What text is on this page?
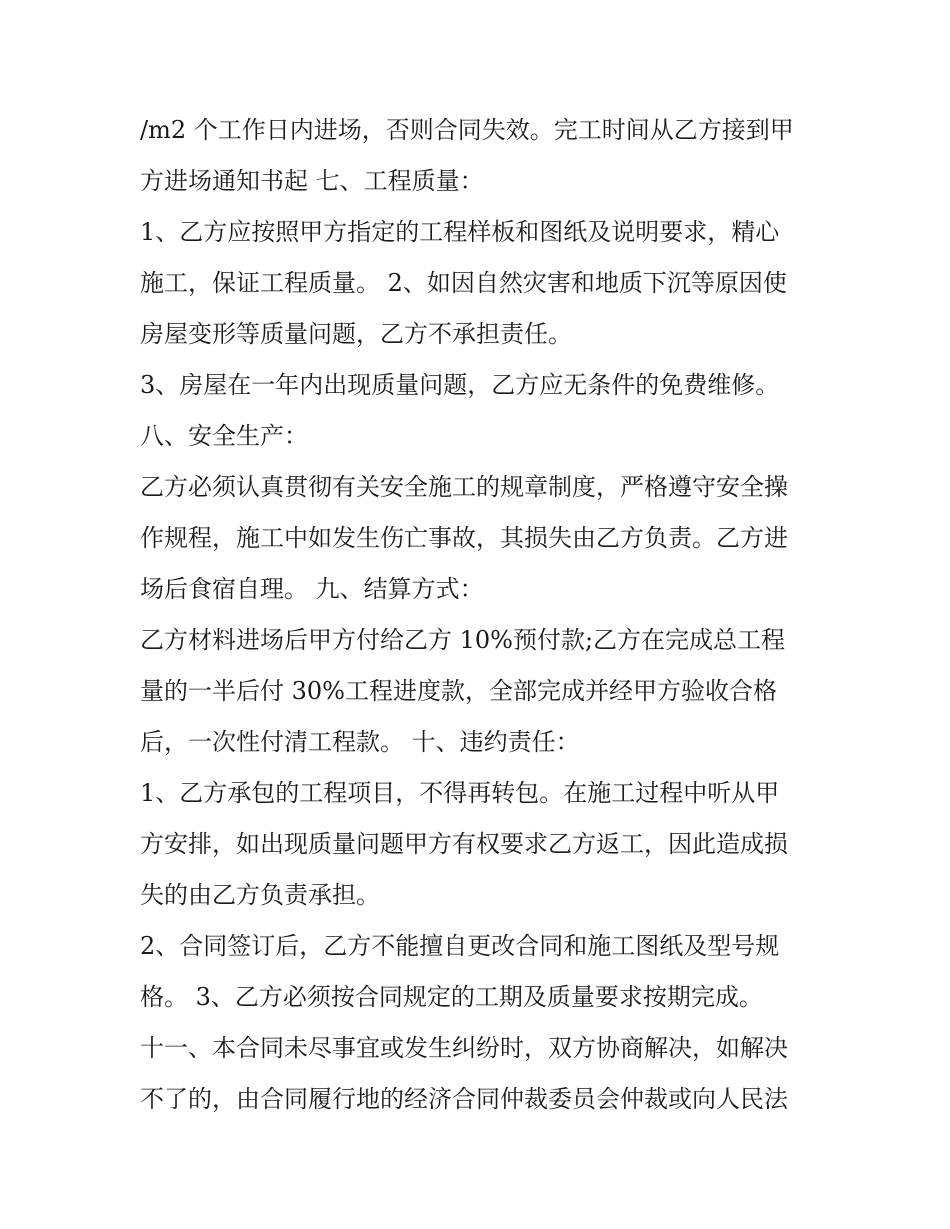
/m2 个工作日内进场，否则合同失效。完工时间从乙方接到甲
方进场通知书起 七、工程质量：
1、乙方应按照甲方指定的工程样板和图纸及说明要求，精心
施工，保证工程质量。 2、如因自然灾害和地质下沉等原因使
房屋变形等质量问题，乙方不承担责任。
3、房屋在一年内出现质量问题，乙方应无条件的免费维修。
八、安全生产：
乙方必须认真贯彻有关安全施工的规章制度，严格遵守安全操
作规程，施工中如发生伤亡事故，其损失由乙方负责。乙方进
场后食宿自理。 九、结算方式：
乙方材料进场后甲方付给乙方 10%预付款;乙方在完成总工程
量的一半后付 30%工程进度款，全部完成并经甲方验收合格
后，一次性付清工程款。 十、违约责任：
1、乙方承包的工程项目，不得再转包。在施工过程中听从甲
方安排，如出现质量问题甲方有权要求乙方返工，因此造成损
失的由乙方负责承担。
2、合同签订后，乙方不能擅自更改合同和施工图纸及型号规
格。 3、乙方必须按合同规定的工期及质量要求按期完成。
十一、本合同未尽事宜或发生纠纷时，双方协商解决，如解决
不了的，由合同履行地的经济合同仲裁委员会仲裁或向人民法
